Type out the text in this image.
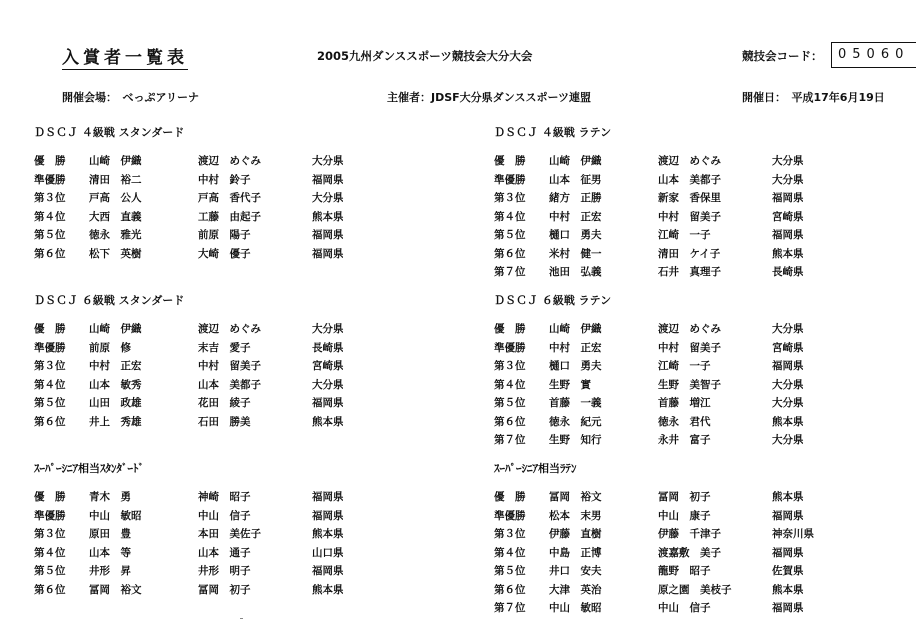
入賞者一覧表	2005九州ダンススポーツ競技会大分大会	競技会コード：	05060
開催会場：　べっぷアリーナ	主催者：JDSF大分県ダンススポーツ連盟	開催日：　平成17年6月19日
ＤＳＣＪ ４級戦 スタンダード
優　勝 山崎　伊織	渡辺　めぐみ	大分県
準優勝 清田　裕二	中村　鈴子	福岡県
第３位 戸高　公人	戸高　香代子	大分県
第４位 大西　直義	工藤　由起子	熊本県
第５位 徳永　雅光	前原　陽子	福岡県
第６位 松下　英樹	大崎　優子	福岡県
ＤＳＣＪ ４級戦 ラテン
優　勝 山崎　伊織	渡辺　めぐみ	大分県
準優勝 山本　征男	山本　美都子	大分県
第３位 緒方　正勝	新家　香保里	福岡県
第４位 中村　正宏	中村　留美子	宮崎県
第５位 樋口　勇夫	江崎　一子	福岡県
第６位 米村　健一	清田　ケイ子	熊本県
第７位 池田　弘義	石井　真理子	長崎県
ＤＳＣＪ ６級戦 スタンダード
優　勝 山崎　伊織	渡辺　めぐみ	大分県
準優勝 前原　修	末吉　愛子	長崎県
第３位 中村　正宏	中村　留美子	宮崎県
第４位 山本　敏秀	山本　美都子	大分県
第５位 山田　政雄	花田　綾子	福岡県
第６位 井上　秀雄	石田　勝美	熊本県
ＤＳＣＪ ６級戦 ラテン
優　勝 山崎　伊織	渡辺　めぐみ	大分県
準優勝 中村　正宏	中村　留美子	宮崎県
第３位 樋口　勇夫	江崎　一子	福岡県
第４位 生野　實	生野　美智子	大分県
第５位 首藤　一義	首藤　増江	大分県
第６位 徳永　紀元	徳永　君代	熊本県
第７位 生野　知行	永井　富子	大分県
ｽｰﾊﾟｰｼﾆｱ相当ｽﾀﾝﾀﾞｰﾄﾞ
優　勝 青木　勇	神崎　昭子	福岡県
準優勝 中山　敏昭	中山　信子	福岡県
第３位 原田　豊	本田　美佐子	熊本県
第４位 山本　等	山本　通子	山口県
第５位 井形　昇	井形　明子	福岡県
第６位 冨岡　裕文	冨岡　初子	熊本県
ｽｰﾊﾟｰｼﾆｱ相当ﾗﾃﾝ
優　勝 冨岡　裕文	冨岡　初子	熊本県
準優勝 松本　末男	中山　康子	福岡県
第３位 伊藤　直樹	伊藤　千津子	神奈川県
第４位 中島　正博	渡嘉敷　美子	福岡県
第５位 井口　安夫	龍野　昭子	佐賀県
第６位 大津　英治	原之園　美枝子	熊本県
第７位 中山　敏昭	中山　信子	福岡県
